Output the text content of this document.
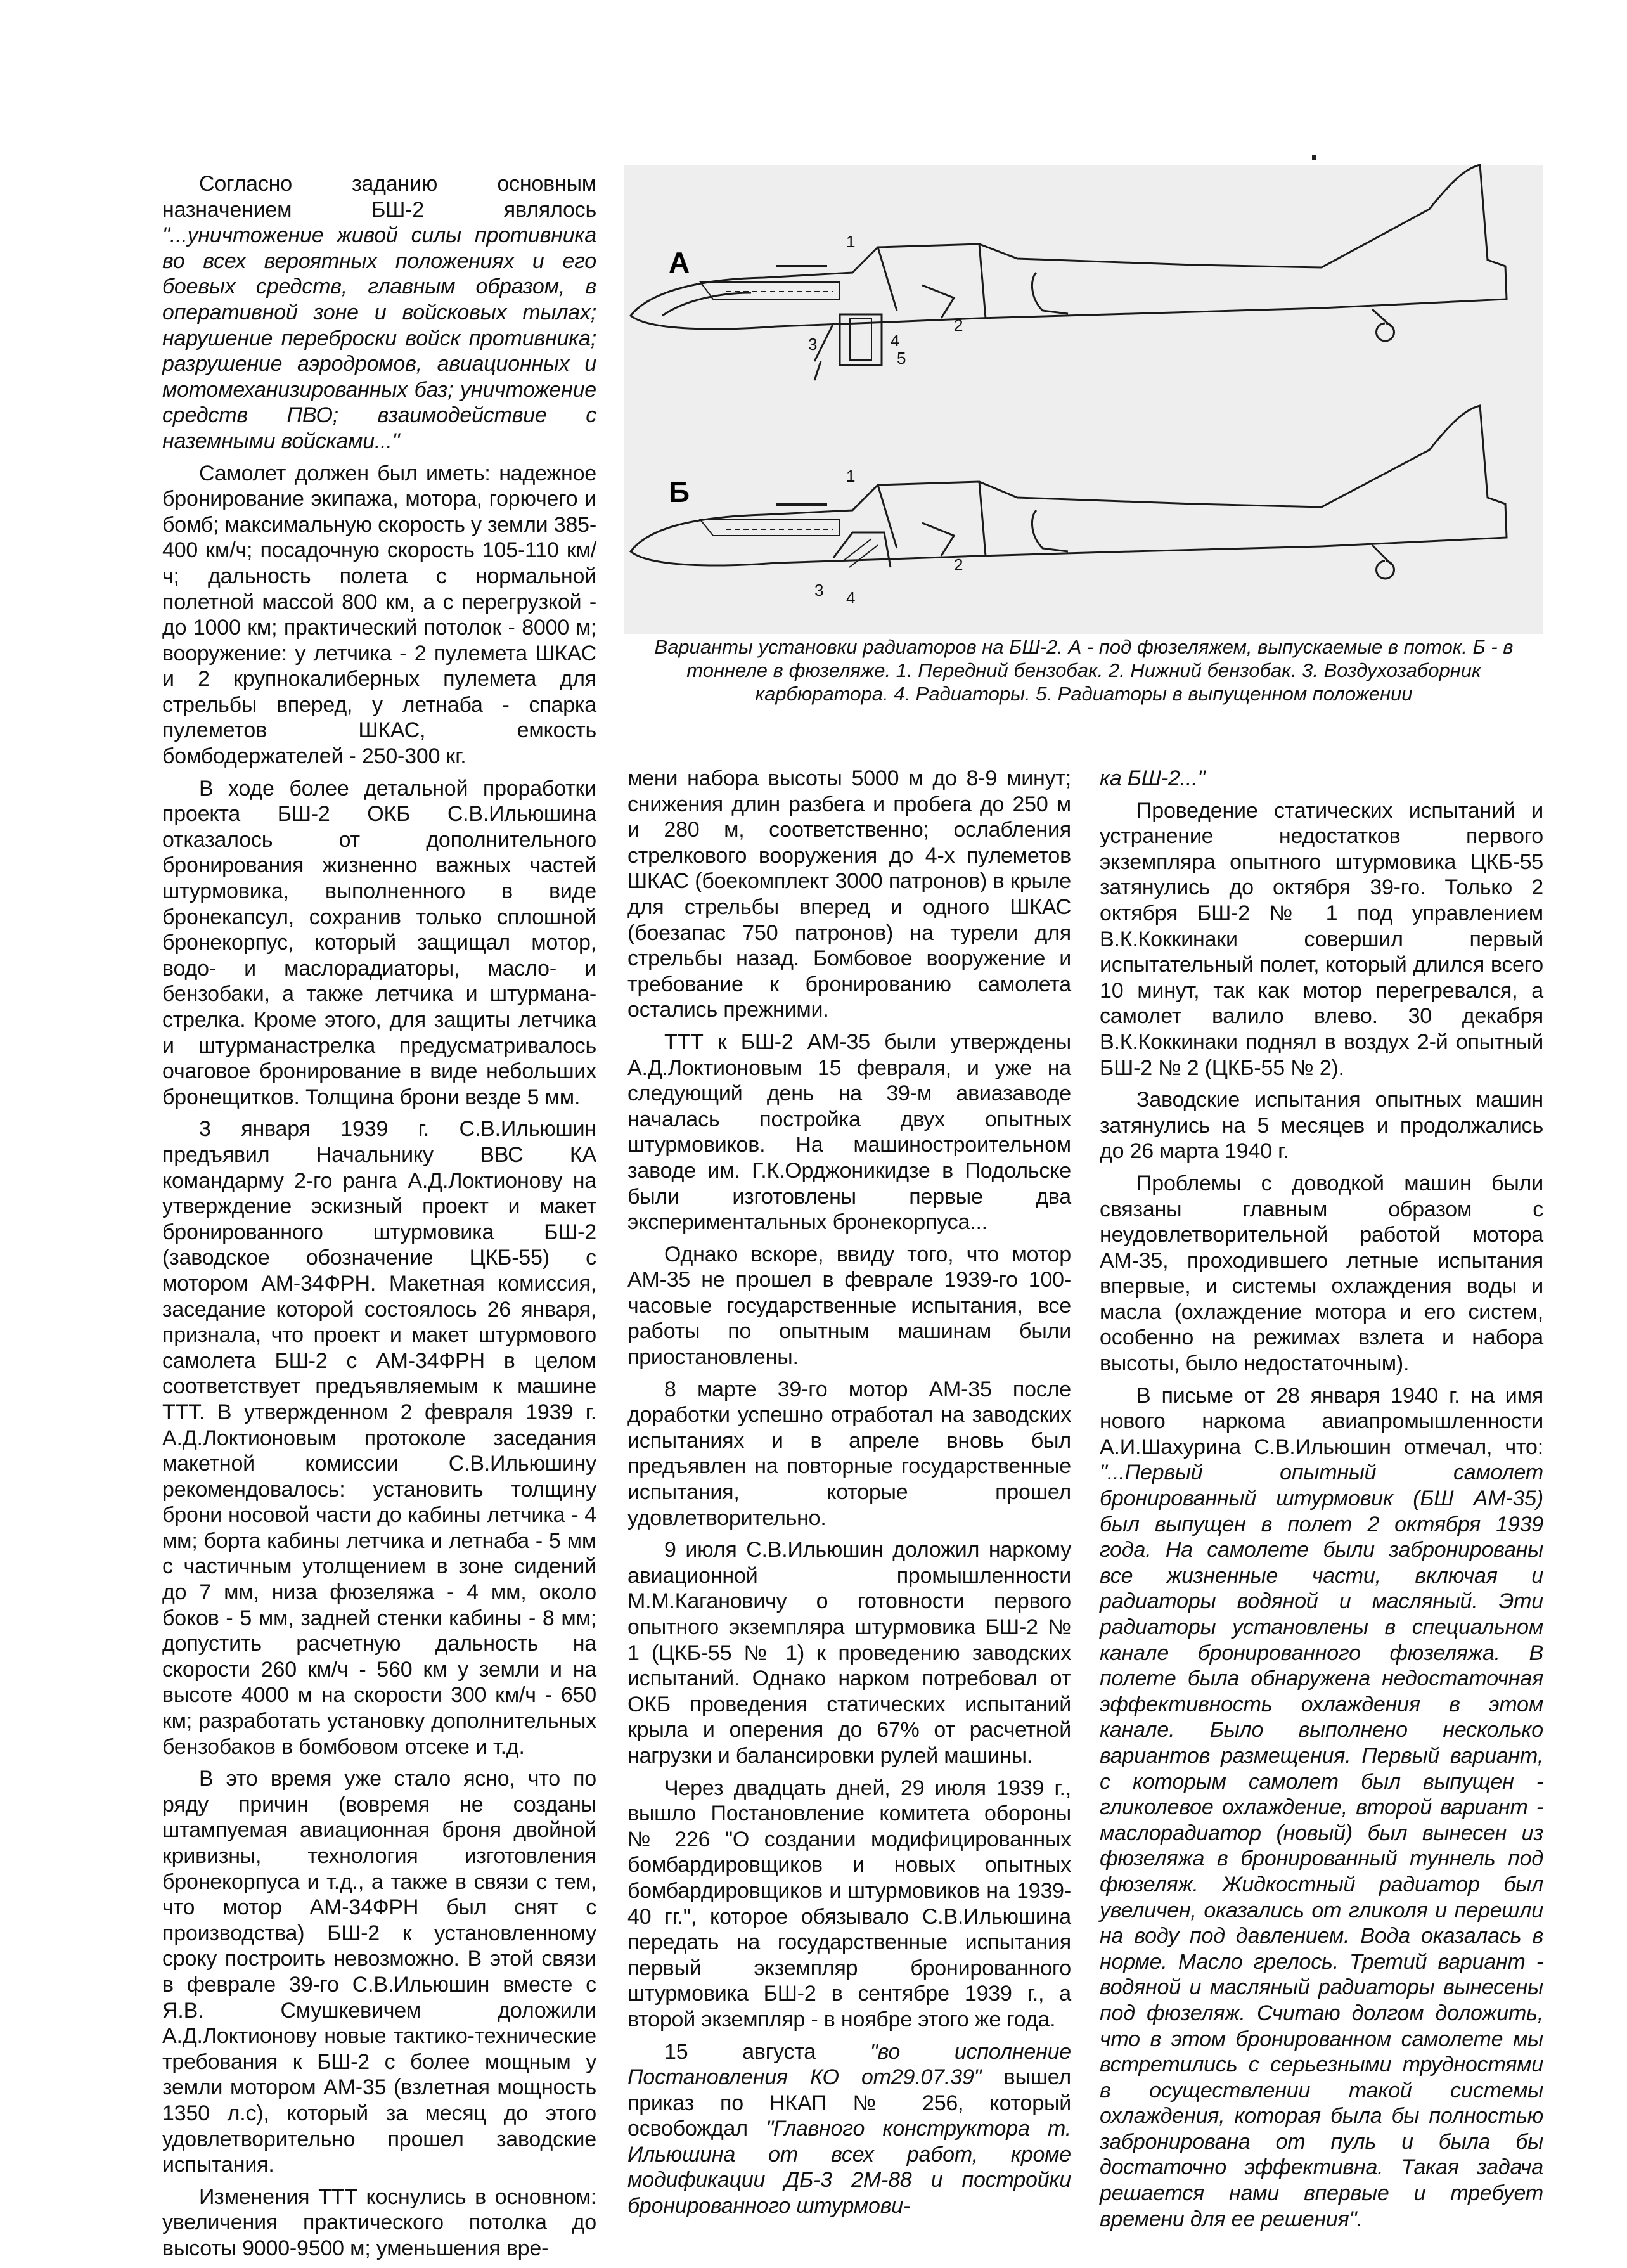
А
1
2
3	4
5
Б	1
2
3 4
Варианты установки радиаторов на БШ-2. А - под фюзеляжем, выпускаемые в поток. Б - в тоннеле в фюзеляже. 1. Передний бензобак. 2. Нижний бензобак. 3. Воздухозаборник карбюратора. 4. Радиаторы. 5. Радиаторы в выпущенном положении

Согласно заданию основным назначением БШ-2 являлось "...уничтожение живой силы противника во всех вероятных положениях и его боевых средств, главным образом, в оперативной зоне и войсковых тылах; нарушение переброски войск противника; разрушение аэродромов, авиационных и мотомеханизированных баз; уничтожение средств ПВО; взаимодействие с наземными войсками..."

Самолет должен был иметь: надежное бронирование экипажа, мотора, горючего и бомб; максимальную скорость у земли 385-400 км/ч; посадочную скорость 105-110 км/ч; дальность полета с нормальной полетной массой 800 км, а с перегрузкой - до 1000 км; практический потолок - 8000 м; вооружение: у летчика - 2 пулемета ШКАС и 2 крупнокалиберных пулемета для стрельбы вперед, у летнаба - спарка пулеметов ШКАС, емкость бомбодержателей - 250-300 кг.

В ходе более детальной проработки проекта БШ-2 ОКБ С.В.Ильюшина отказалось от дополнительного бронирования жизненно важных частей штурмовика, выполненного в виде бронекапсул, сохранив только сплошной бронекорпус, который защищал мотор, водо- и маслорадиаторы, масло- и бензобаки, а также летчика и штурмана-стрелка. Кроме этого, для защиты летчика и штурманастрелка предусматривалось очаговое бронирование в виде небольших бронещитков. Толщина брони везде 5 мм.

3 января 1939 г. С.В.Ильюшин предъявил Начальнику ВВС КА командарму 2-го ранга А.Д.Локтионову на утверждение эскизный проект и макет бронированного штурмовика БШ-2 (заводское обозначение ЦКБ-55) с мотором АМ-34ФРН. Макетная комиссия, заседание которой состоялось 26 января, признала, что проект и макет штурмового самолета БШ-2 с АМ-34ФРН в целом соответствует предъявляемым к машине ТТТ. В утвержденном 2 февраля 1939 г. А.Д.Локтионовым протоколе заседания макетной комиссии С.В.Ильюшину рекомендовалось: установить толщину брони носовой части до кабины летчика - 4 мм; борта кабины летчика и летнаба - 5 мм с частичным утолщением в зоне сидений до 7 мм, низа фюзеляжа - 4 мм, около боков - 5 мм, задней стенки кабины - 8 мм; допустить расчетную дальность на скорости 260 км/ч - 560 км у земли и на высоте 4000 м на скорости 300 км/ч - 650 км; разработать установку дополнительных бензобаков в бомбовом отсеке и т.д.

В это время уже стало ясно, что по ряду причин (вовремя не созданы штампуемая авиационная броня двойной кривизны, технология изготовления бронекорпуса и т.д., а также в связи с тем, что мотор АМ-34ФРН был снят с производства) БШ-2 к установленному сроку построить невозможно. В этой связи в феврале 39-го С.В.Ильюшин вместе с Я.В. Смушкевичем доложили А.Д.Локтионову новые тактико-технические требования к БШ-2 с более мощным у земли мотором АМ-35 (взлетная мощность 1350 л.с), который за месяц до этого удовлетворительно прошел заводские испытания.

Изменения ТТТ коснулись в основном: увеличения практического потолка до высоты 9000-9500 м; уменьшения вре-

мени набора высоты 5000 м до 8-9 минут; снижения длин разбега и пробега до 250 м и 280 м, соответственно; ослабления стрелкового вооружения до 4-х пулеметов ШКАС (боекомплект 3000 патронов) в крыле для стрельбы вперед и одного ШКАС (боезапас 750 патронов) на турели для стрельбы назад. Бомбовое вооружение и требование к бронированию самолета остались прежними.

ТТТ к БШ-2 АМ-35 были утверждены А.Д.Локтионовым 15 февраля, и уже на следующий день на 39-м авиазаводе началась постройка двух опытных штурмовиков. На машиностроительном заводе им. Г.К.Орджоникидзе в Подольске были изготовлены первые два экспериментальных бронекорпуса...

Однако вскоре, ввиду того, что мотор АМ-35 не прошел в феврале 1939-го 100-часовые государственные испытания, все работы по опытным машинам были приостановлены.

8 марте 39-го мотор АМ-35 после доработки успешно отработал на заводских испытаниях и в апреле вновь был предъявлен на повторные государственные испытания, которые прошел удовлетворительно.

9 июля С.В.Ильюшин доложил наркому авиационной промышленности М.М.Кагановичу о готовности первого опытного экземпляра штурмовика БШ-2 № 1 (ЦКБ-55 № 1) к проведению заводских испытаний. Однако нарком потребовал от ОКБ проведения статических испытаний крыла и оперения до 67% от расчетной нагрузки и балансировки рулей машины.

Через двадцать дней, 29 июля 1939 г., вышло Постановление комитета обороны № 226 "О создании модифицированных бомбардировщиков и новых опытных бомбардировщиков и штурмовиков на 1939-40 гг.", которое обязывало С.В.Ильюшина передать на государственные испытания первый экземпляр бронированного штурмовика БШ-2 в сентябре 1939 г., а второй экземпляр - в ноябре этого же года.

15 августа "во исполнение Постановления КО от29.07.39" вышел приказ по НКАП № 256, который освобождал "Главного конструктора т. Ильюшина от всех работ, кроме модификации ДБ-3 2М-88 и постройки бронированного штурмови-

ка БШ-2..."

Проведение статических испытаний и устранение недостатков первого экземпляра опытного штурмовика ЦКБ-55 затянулись до октября 39-го. Только 2 октября БШ-2 № 1 под управлением В.К.Коккинаки совершил первый испытательный полет, который длился всего 10 минут, так как мотор перегревался, а самолет валило влево. 30 декабря В.К.Коккинаки поднял в воздух 2-й опытный БШ-2 № 2 (ЦКБ-55 № 2).

Заводские испытания опытных машин затянулись на 5 месяцев и продолжались до 26 марта 1940 г.

Проблемы с доводкой машин были связаны главным образом с неудовлетворительной работой мотора АМ-35, проходившего летные испытания впервые, и системы охлаждения воды и масла (охлаждение мотора и его систем, особенно на режимах взлета и набора высоты, было недостаточным).

В письме от 28 января 1940 г. на имя нового наркома авиапромышленности А.И.Шахурина С.В.Ильюшин отмечал, что: "...Первый опытный самолет бронированный штурмовик (БШ АМ-35) был выпущен в полет 2 октября 1939 года. На самолете были забронированы все жизненные части, включая и радиаторы водяной и масляный. Эти радиаторы установлены в специальном канале бронированного фюзеляжа. В полете была обнаружена недостаточная эффективность охлаждения в этом канале. Было выполнено несколько вариантов размещения. Первый вариант, с которым самолет был выпущен - гликолевое охлаждение, второй вариант - маслорадиатор (новый) был вынесен из фюзеляжа в бронированный туннель под фюзеляж. Жидкостный радиатор был увеличен, оказались от гликоля и перешли на воду под давлением. Вода оказалась в норме. Масло грелось. Третий вариант - водяной и масляный радиаторы вынесены под фюзеляж. Считаю долгом доложить, что в этом бронированном самолете мы встретились с серьезными трудностями в осуществлении такой системы охлаждения, которая была бы полностью забронирована от пуль и была бы достаточно эффективна. Такая задача решается нами впервые и требует времени для ее решения".
